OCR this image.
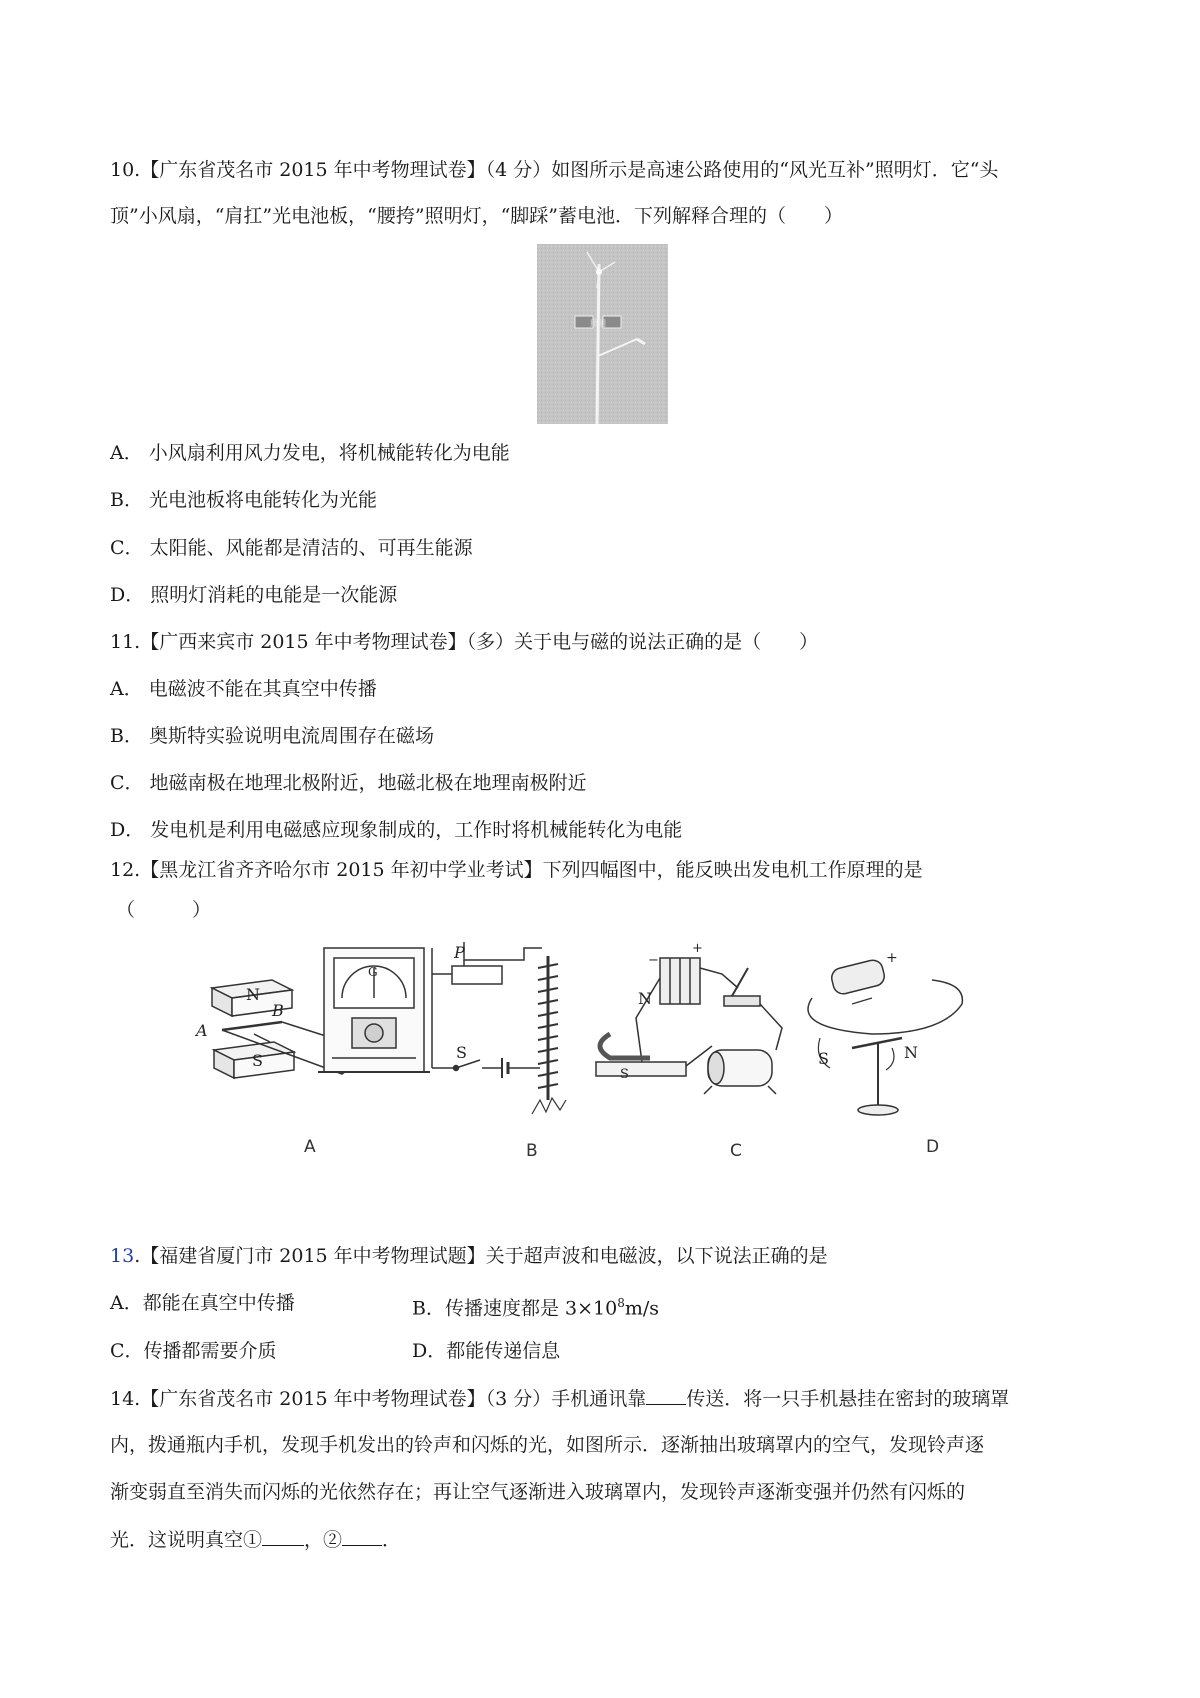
10.【广东省茂名市 2015 年中考物理试卷】（4 分）如图所示是高速公路使用的“风光互补”照明灯．它“头
顶”小风扇，“肩扛”光电池板，“腰挎”照明灯，“脚踩”蓄电池．下列解释合理的（　　）
照明
A． 小风扇利用风力发电，将机械能转化为电能
B． 光电池板将电能转化为光能
C． 太阳能、风能都是清洁的、可再生能源
D． 照明灯消耗的电能是一次能源
11.【广西来宾市 2015 年中考物理试卷】（多）关于电与磁的说法正确的是（　　）
A． 电磁波不能在其真空中传播
B． 奥斯特实验说明电流周围存在磁场
C． 地磁南极在地理北极附近，地磁北极在地理南极附近
D． 发电机是利用电磁感应现象制成的，工作时将机械能转化为电能
12.【黑龙江省齐齐哈尔市 2015 年初中学业考试】下列四幅图中，能反映出发电机工作原理的是
（　　　）
N
S
A
B
G
P
S
N
S
−
+
S	N
+
A	B	C	D
13.【福建省厦门市 2015 年中考物理试题】关于超声波和电磁波，以下说法正确的是
A．都能在真空中传播	B．传播速度都是 $3\times 10^8m/s$
C．传播都需要介质	D．都能传递信息
14.【广东省茂名市 2015 年中考物理试卷】（3 分）手机通讯靠 传送．将一只手机悬挂在密封的玻璃罩
内，拨通瓶内手机，发现手机发出的铃声和闪烁的光，如图所示．逐渐抽出玻璃罩内的空气，发现铃声逐
渐变弱直至消失而闪烁的光依然存在；再让空气逐渐进入玻璃罩内，发现铃声逐渐变强并仍然有闪烁的
光．这说明真空① ，② ．
